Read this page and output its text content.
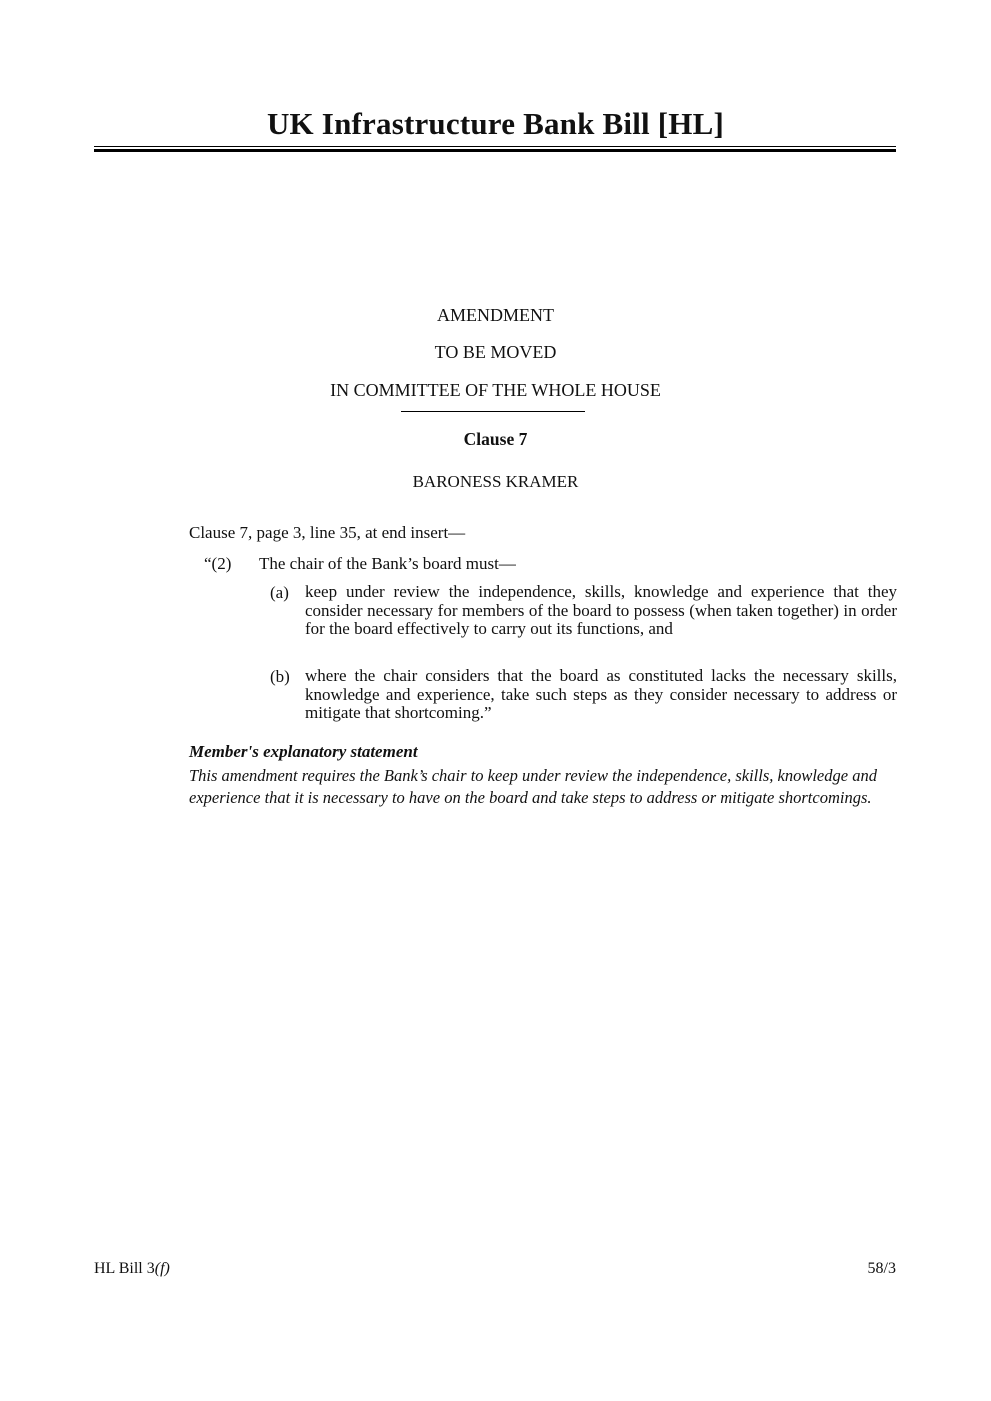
UK Infrastructure Bank Bill [HL]
AMENDMENT
TO BE MOVED
IN COMMITTEE OF THE WHOLE HOUSE
Clause 7
BARONESS KRAMER
Clause 7, page 3, line 35, at end insert—
“(2) The chair of the Bank’s board must—
(a) keep under review the independence, skills, knowledge and experience that they consider necessary for members of the board to possess (when taken together) in order for the board effectively to carry out its functions, and
(b) where the chair considers that the board as constituted lacks the necessary skills, knowledge and experience, take such steps as they consider necessary to address or mitigate that shortcoming.”
Member's explanatory statement
This amendment requires the Bank’s chair to keep under review the independence, skills, knowledge and experience that it is necessary to have on the board and take steps to address or mitigate shortcomings.
HL Bill 3(f)	58/3
